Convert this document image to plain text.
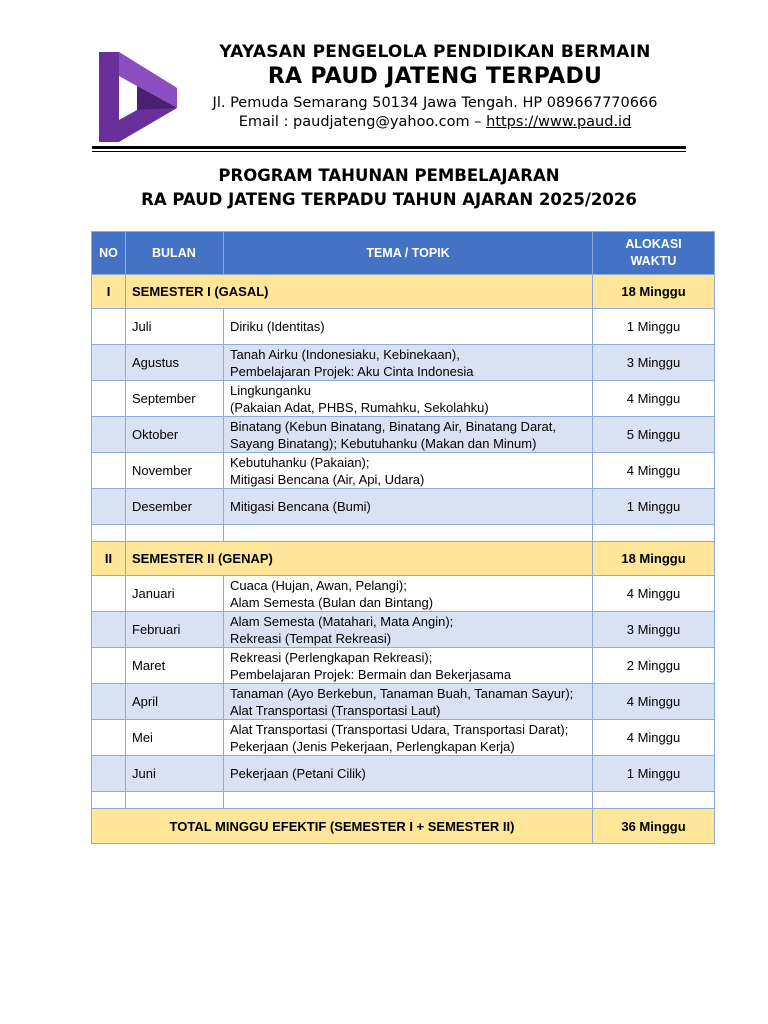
YAYASAN PENGELOLA PENDIDIKAN BERMAIN
RA PAUD JATENG TERPADU
Jl. Pemuda Semarang 50134 Jawa Tengah. HP 089667770666
Email : paudjateng@yahoo.com – https://www.paud.id
PROGRAM TAHUNAN PEMBELAJARAN
RA PAUD JATENG TERPADU TAHUN AJARAN 2025/2026
NO	BULAN	TEMA / TOPIK	ALOKASI
WAKTU

I	SEMESTER I (GASAL)		18 Minggu
	Juli	Diriku (Identitas)	1 Minggu
	Agustus	Tanah Airku (Indonesiaku, Kebinekaan),
Pembelajaran Projek: Aku Cinta Indonesia	3 Minggu
	September	Lingkunganku
(Pakaian Adat, PHBS, Rumahku, Sekolahku)	4 Minggu
	Oktober	Binatang (Kebun Binatang, Binatang Air, Binatang Darat,
Sayang Binatang); Kebutuhanku (Makan dan Minum)	5 Minggu
	November	Kebutuhanku (Pakaian);
Mitigasi Bencana (Air, Api, Udara)	4 Minggu
	Desember	Mitigasi Bencana (Bumi)	1 Minggu

II	SEMESTER II (GENAP)		18 Minggu
	Januari	Cuaca (Hujan, Awan, Pelangi);
Alam Semesta (Bulan dan Bintang)	4 Minggu
	Februari	Alam Semesta (Matahari, Mata Angin);
Rekreasi (Tempat Rekreasi)	3 Minggu
	Maret	Rekreasi (Perlengkapan Rekreasi);
Pembelajaran Projek: Bermain dan Bekerjasama	2 Minggu
	April	Tanaman (Ayo Berkebun, Tanaman Buah, Tanaman Sayur);
Alat Transportasi (Transportasi Laut)	4 Minggu
	Mei	Alat Transportasi (Transportasi Udara, Transportasi Darat);
Pekerjaan (Jenis Pekerjaan, Perlengkapan Kerja)	4 Minggu
	Juni	Pekerjaan (Petani Cilik)	1 Minggu

TOTAL MINGGU EFEKTIF (SEMESTER I + SEMESTER II)			36 Minggu
